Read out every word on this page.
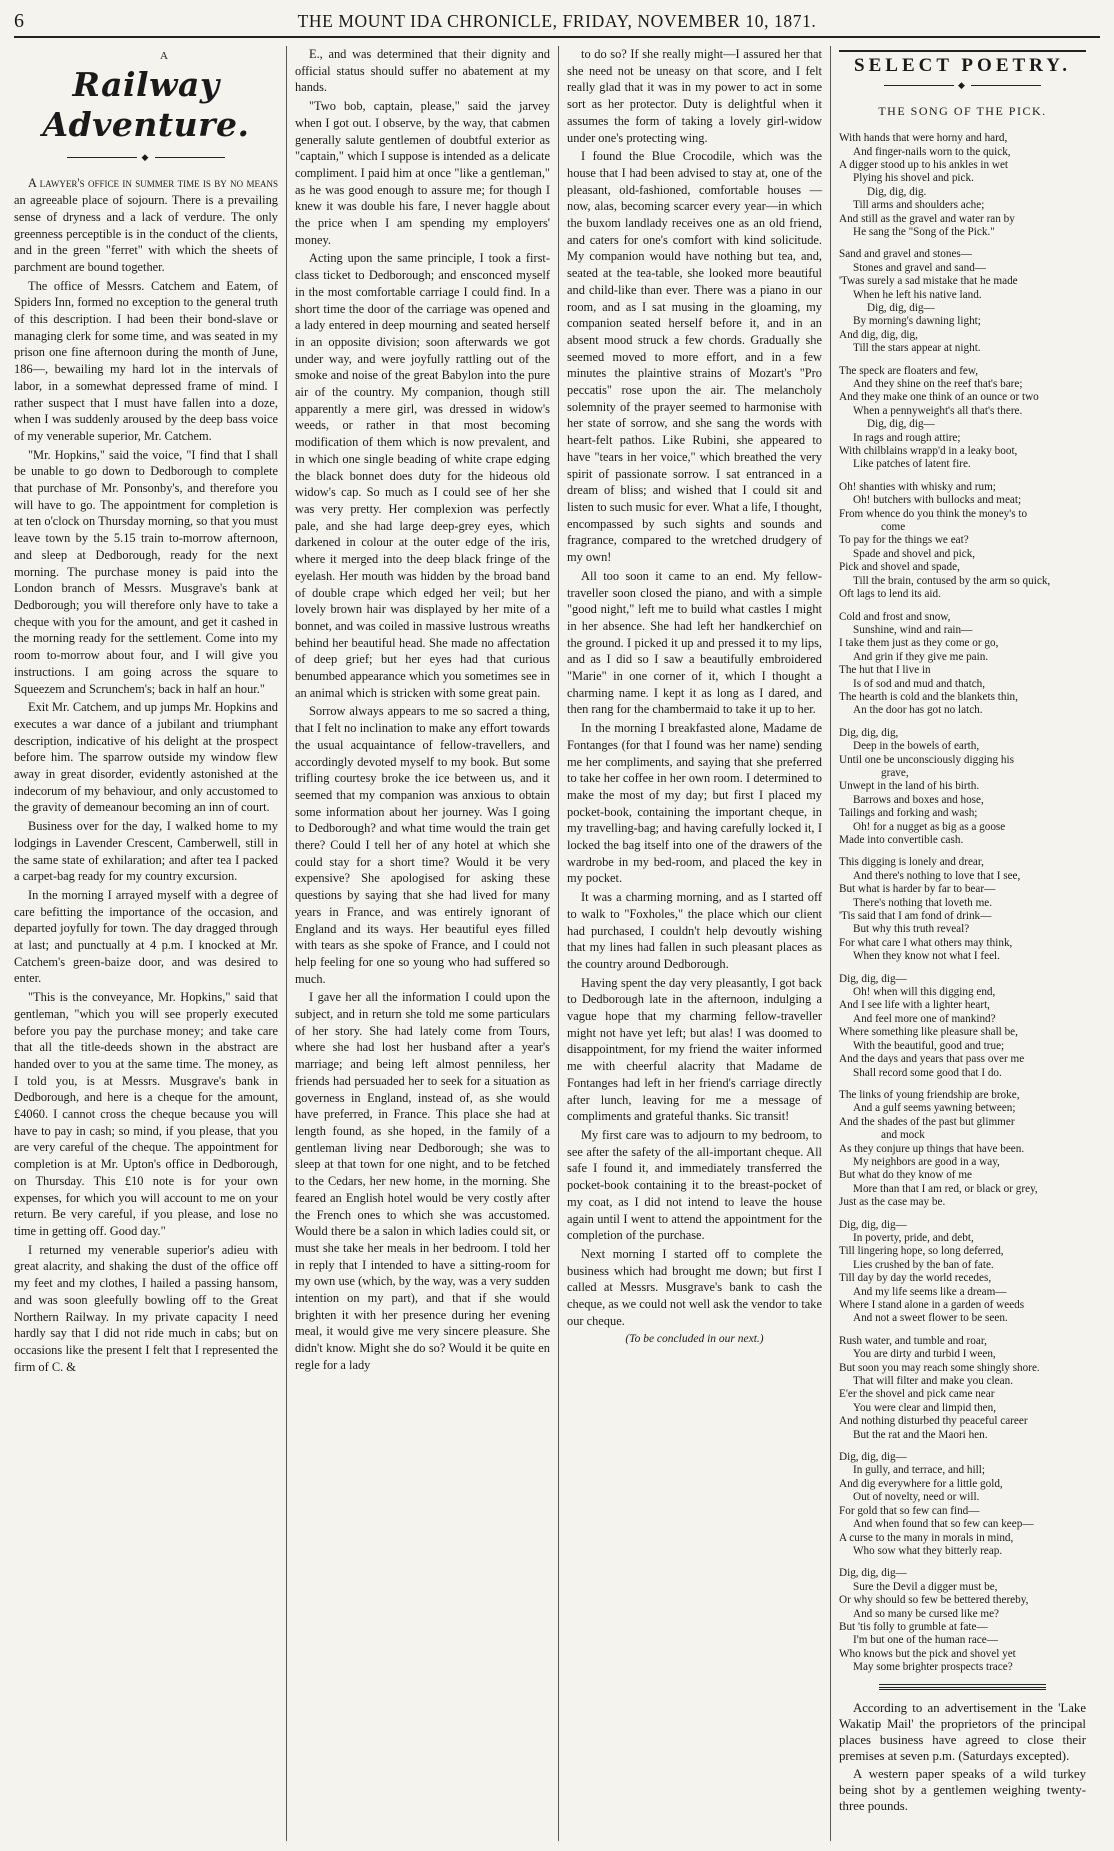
6	THE MOUNT IDA CHRONICLE, FRIDAY, NOVEMBER 10, 1871.
A
Railway Adventure.
◆

A lawyer's office in summer time is by no means an agreeable place of sojourn. There is a prevailing sense of dryness and a lack of verdure. The only greenness perceptible is in the conduct of the clients, and in the green "ferret" with which the sheets of parchment are bound together.

The office of Messrs. Catchem and Eatem, of Spiders Inn, formed no exception to the general truth of this description. I had been their bond-slave or managing clerk for some time, and was seated in my prison one fine afternoon during the month of June, 186—, bewailing my hard lot in the intervals of labor, in a somewhat depressed frame of mind. I rather suspect that I must have fallen into a doze, when I was suddenly aroused by the deep bass voice of my venerable superior, Mr. Catchem.

"Mr. Hopkins," said the voice, "I find that I shall be unable to go down to Dedborough to complete that purchase of Mr. Ponsonby's, and therefore you will have to go. The appointment for completion is at ten o'clock on Thursday morning, so that you must leave town by the 5.15 train to-morrow afternoon, and sleep at Dedborough, ready for the next morning. The purchase money is paid into the London branch of Messrs. Musgrave's bank at Dedborough; you will therefore only have to take a cheque with you for the amount, and get it cashed in the morning ready for the settlement. Come into my room to-morrow about four, and I will give you instructions. I am going across the square to Squeezem and Scrunchem's; back in half an hour."

Exit Mr. Catchem, and up jumps Mr. Hopkins and executes a war dance of a jubilant and triumphant description, indicative of his delight at the prospect before him. The sparrow outside my window flew away in great disorder, evidently astonished at the indecorum of my behaviour, and only accustomed to the gravity of demeanour becoming an inn of court.

Business over for the day, I walked home to my lodgings in Lavender Crescent, Camberwell, still in the same state of exhilaration; and after tea I packed a carpet-bag ready for my country excursion.

In the morning I arrayed myself with a degree of care befitting the importance of the occasion, and departed joyfully for town. The day dragged through at last; and punctually at 4 p.m. I knocked at Mr. Catchem's green-baize door, and was desired to enter.

"This is the conveyance, Mr. Hopkins," said that gentleman, "which you will see properly executed before you pay the purchase money; and take care that all the title-deeds shown in the abstract are handed over to you at the same time. The money, as I told you, is at Messrs. Musgrave's bank in Dedborough, and here is a cheque for the amount, £4060. I cannot cross the cheque because you will have to pay in cash; so mind, if you please, that you are very careful of the cheque. The appointment for completion is at Mr. Upton's office in Dedborough, on Thursday. This £10 note is for your own expenses, for which you will account to me on your return. Be very careful, if you please, and lose no time in getting off. Good day."

I returned my venerable superior's adieu with great alacrity, and shaking the dust of the office off my feet and my clothes, I hailed a passing hansom, and was soon gleefully bowling off to the Great Northern Railway. In my private capacity I need hardly say that I did not ride much in cabs; but on occasions like the present I felt that I represented the firm of C. &

E., and was determined that their dignity and official status should suffer no abatement at my hands.

"Two bob, captain, please," said the jarvey when I got out. I observe, by the way, that cabmen generally salute gentlemen of doubtful exterior as "captain," which I suppose is intended as a delicate compliment. I paid him at once "like a gentleman," as he was good enough to assure me; for though I knew it was double his fare, I never haggle about the price when I am spending my employers' money.

Acting upon the same principle, I took a first-class ticket to Dedborough; and ensconced myself in the most comfortable carriage I could find. In a short time the door of the carriage was opened and a lady entered in deep mourning and seated herself in an opposite division; soon afterwards we got under way, and were joyfully rattling out of the smoke and noise of the great Babylon into the pure air of the country. My companion, though still apparently a mere girl, was dressed in widow's weeds, or rather in that most becoming modification of them which is now prevalent, and in which one single beading of white crape edging the black bonnet does duty for the hideous old widow's cap. So much as I could see of her she was very pretty. Her complexion was perfectly pale, and she had large deep-grey eyes, which darkened in colour at the outer edge of the iris, where it merged into the deep black fringe of the eyelash. Her mouth was hidden by the broad band of double crape which edged her veil; but her lovely brown hair was displayed by her mite of a bonnet, and was coiled in massive lustrous wreaths behind her beautiful head. She made no affectation of deep grief; but her eyes had that curious benumbed appearance which you sometimes see in an animal which is stricken with some great pain.

Sorrow always appears to me so sacred a thing, that I felt no inclination to make any effort towards the usual acquaintance of fellow-travellers, and accordingly devoted myself to my book. But some trifling courtesy broke the ice between us, and it seemed that my companion was anxious to obtain some information about her journey. Was I going to Dedborough? and what time would the train get there? Could I tell her of any hotel at which she could stay for a short time? Would it be very expensive? She apologised for asking these questions by saying that she had lived for many years in France, and was entirely ignorant of England and its ways. Her beautiful eyes filled with tears as she spoke of France, and I could not help feeling for one so young who had suffered so much.

I gave her all the information I could upon the subject, and in return she told me some particulars of her story. She had lately come from Tours, where she had lost her husband after a year's marriage; and being left almost penniless, her friends had persuaded her to seek for a situation as governess in England, instead of, as she would have preferred, in France. This place she had at length found, as she hoped, in the family of a gentleman living near Dedborough; she was to sleep at that town for one night, and to be fetched to the Cedars, her new home, in the morning. She feared an English hotel would be very costly after the French ones to which she was accustomed. Would there be a salon in which ladies could sit, or must she take her meals in her bedroom. I told her in reply that I intended to have a sitting-room for my own use (which, by the way, was a very sudden intention on my part), and that if she would brighten it with her presence during her evening meal, it would give me very sincere pleasure. She didn't know. Might she do so? Would it be quite en regle for a lady

to do so? If she really might—I assured her that she need not be uneasy on that score, and I felt really glad that it was in my power to act in some sort as her protector. Duty is delightful when it assumes the form of taking a lovely girl-widow under one's protecting wing.

I found the Blue Crocodile, which was the house that I had been advised to stay at, one of the pleasant, old-fashioned, comfortable houses — now, alas, becoming scarcer every year—in which the buxom landlady receives one as an old friend, and caters for one's comfort with kind solicitude. My companion would have nothing but tea, and, seated at the tea-table, she looked more beautiful and child-like than ever. There was a piano in our room, and as I sat musing in the gloaming, my companion seated herself before it, and in an absent mood struck a few chords. Gradually she seemed moved to more effort, and in a few minutes the plaintive strains of Mozart's "Pro peccatis" rose upon the air. The melancholy solemnity of the prayer seemed to harmonise with her state of sorrow, and she sang the words with heart-felt pathos. Like Rubini, she appeared to have "tears in her voice," which breathed the very spirit of passionate sorrow. I sat entranced in a dream of bliss; and wished that I could sit and listen to such music for ever. What a life, I thought, encompassed by such sights and sounds and fragrance, compared to the wretched drudgery of my own!

All too soon it came to an end. My fellow-traveller soon closed the piano, and with a simple "good night," left me to build what castles I might in her absence. She had left her handkerchief on the ground. I picked it up and pressed it to my lips, and as I did so I saw a beautifully embroidered "Marie" in one corner of it, which I thought a charming name. I kept it as long as I dared, and then rang for the chambermaid to take it up to her.

In the morning I breakfasted alone, Madame de Fontanges (for that I found was her name) sending me her compliments, and saying that she preferred to take her coffee in her own room. I determined to make the most of my day; but first I placed my pocket-book, containing the important cheque, in my travelling-bag; and having carefully locked it, I locked the bag itself into one of the drawers of the wardrobe in my bed-room, and placed the key in my pocket.

It was a charming morning, and as I started off to walk to "Foxholes," the place which our client had purchased, I couldn't help devoutly wishing that my lines had fallen in such pleasant places as the country around Dedborough.

Having spent the day very pleasantly, I got back to Dedborough late in the afternoon, indulging a vague hope that my charming fellow-traveller might not have yet left; but alas! I was doomed to disappointment, for my friend the waiter informed me with cheerful alacrity that Madame de Fontanges had left in her friend's carriage directly after lunch, leaving for me a message of compliments and grateful thanks. Sic transit!

My first care was to adjourn to my bedroom, to see after the safety of the all-important cheque. All safe I found it, and immediately transferred the pocket-book containing it to the breast-pocket of my coat, as I did not intend to leave the house again until I went to attend the appointment for the completion of the purchase.

Next morning I started off to complete the business which had brought me down; but first I called at Messrs. Musgrave's bank to cash the cheque, as we could not well ask the vendor to take our cheque.

(To be concluded in our next.)

SELECT POETRY.
◆
THE SONG OF THE PICK.
With hands that were horny and hard,
And finger-nails worn to the quick,
A digger stood up to his ankles in wet
Plying his shovel and pick.
Dig, dig, dig.
Till arms and shoulders ache;
And still as the gravel and water ran by
He sang the "Song of the Pick."
Sand and gravel and stones—
Stones and gravel and sand—
'Twas surely a sad mistake that he made
When he left his native land.
Dig, dig, dig—
By morning's dawning light;
And dig, dig, dig,
Till the stars appear at night.
The speck are floaters and few,
And they shine on the reef that's bare;
And they make one think of an ounce or two
When a pennyweight's all that's there.
Dig, dig, dig—
In rags and rough attire;
With chilblains wrapp'd in a leaky boot,
Like patches of latent fire.
Oh! shanties with whisky and rum;
Oh! butchers with bullocks and meat;
From whence do you think the money's to
come
To pay for the things we eat?
Spade and shovel and pick,
Pick and shovel and spade,
Till the brain, contused by the arm so quick,
Oft lags to lend its aid.
Cold and frost and snow,
Sunshine, wind and rain—
I take them just as they come or go,
And grin if they give me pain.
The hut that I live in
Is of sod and mud and thatch,
The hearth is cold and the blankets thin,
An the door has got no latch.
Dig, dig, dig,
Deep in the bowels of earth,
Until one be unconsciously digging his
grave,
Unwept in the land of his birth.
Barrows and boxes and hose,
Tailings and forking and wash;
Oh! for a nugget as big as a goose
Made into convertible cash.
This digging is lonely and drear,
And there's nothing to love that I see,
But what is harder by far to bear—
There's nothing that loveth me.
'Tis said that I am fond of drink—
But why this truth reveal?
For what care I what others may think,
When they know not what I feel.
Dig, dig, dig—
Oh! when will this digging end,
And I see life with a lighter heart,
And feel more one of mankind?
Where something like pleasure shall be,
With the beautiful, good and true;
And the days and years that pass over me
Shall record some good that I do.
The links of young friendship are broke,
And a gulf seems yawning between;
And the shades of the past but glimmer
and mock
As they conjure up things that have been.
My neighbors are good in a way,
But what do they know of me
More than that I am red, or black or grey,
Just as the case may be.
Dig, dig, dig—
In poverty, pride, and debt,
Till lingering hope, so long deferred,
Lies crushed by the ban of fate.
Till day by day the world recedes,
And my life seems like a dream—
Where I stand alone in a garden of weeds
And not a sweet flower to be seen.
Rush water, and tumble and roar,
You are dirty and turbid I ween,
But soon you may reach some shingly shore.
That will filter and make you clean.
E'er the shovel and pick came near
You were clear and limpid then,
And nothing disturbed thy peaceful career
But the rat and the Maori hen.
Dig, dig, dig—
In gully, and terrace, and hill;
And dig everywhere for a little gold,
Out of novelty, need or will.
For gold that so few can find—
And when found that so few can keep—
A curse to the many in morals in mind,
Who sow what they bitterly reap.
Dig, dig, dig—
Sure the Devil a digger must be,
Or why should so few be bettered thereby,
And so many be cursed like me?
But 'tis folly to grumble at fate—
I'm but one of the human race—
Who knows but the pick and shovel yet
May some brighter prospects trace?

According to an advertisement in the 'Lake Wakatip Mail' the proprietors of the principal places business have agreed to close their premises at seven p.m. (Saturdays excepted).

A western paper speaks of a wild turkey being shot by a gentlemen weighing twenty-three pounds.
